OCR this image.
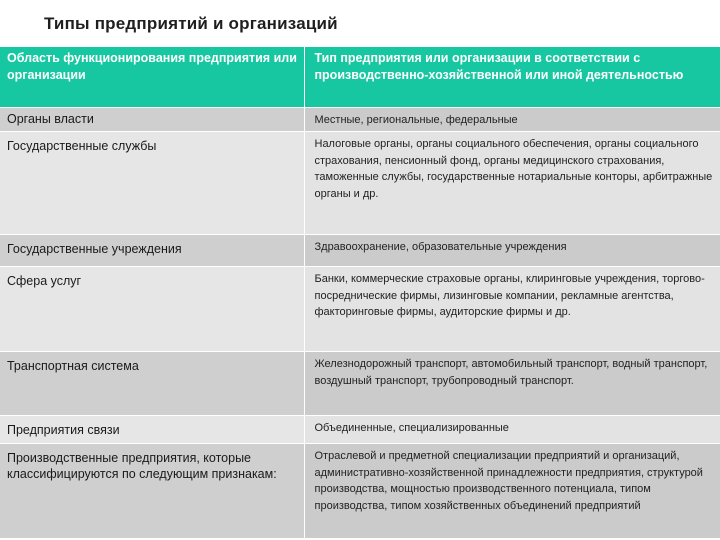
Типы предприятий и организаций
Область функционирования предприятия или организации	Тип предприятия или организации в соответствии с производственно-хозяйственной или иной деятельностью
Органы власти	Местные, региональные, федеральные
Государственные службы	Налоговые органы, органы социального обеспечения, органы социального страхования, пенсионный фонд, органы медицинского страхования, таможенные службы, государственные нотариальные конторы, арбитражные органы и др.
Государственные учреждения	Здравоохранение, образовательные учреждения
Сфера услуг	Банки, коммерческие страховые органы, клиринговые учреждения, торгово-посреднические фирмы, лизинговые компании, рекламные агентства, факторинговые фирмы, аудиторские фирмы и др.
Транспортная система	Железнодорожный транспорт, автомобильный транспорт, водный транспорт, воздушный транспорт, трубопроводный транспорт.
Предприятия связи	Объединенные, специализированные
Производственные предприятия, которые классифицируются по следующим признакам:	Отраслевой и предметной специализации предприятий и организаций, административно-хозяйственной принадлежности предприятия, структурой производства, мощностью производственного потенциала, типом производства, типом хозяйственных объединений предприятий
